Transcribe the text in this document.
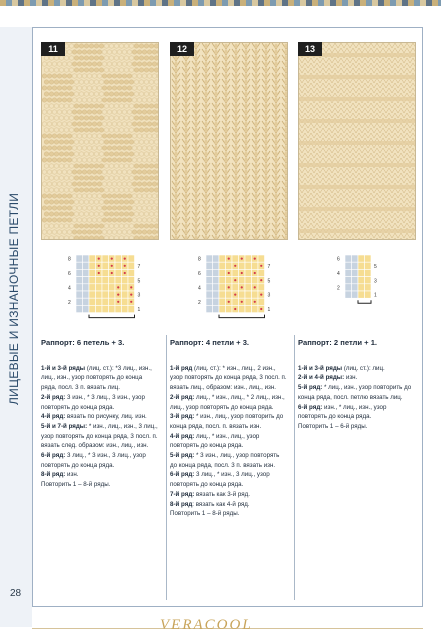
ЛИЦЕВЫЕ И ИЗНАНОЧНЫЕ ПЕТЛИ
11
8
7
6
5
4
3
2
1
12
8
7
6
5
4
3
2
1
13
6
5
4
3
2
1
Раппорт: 6 петель + 3.

1-й и 3-й ряды (лиц. ст.): *3 лиц., изн., лиц., изн., узор повторять до конца ряда, посл. 3 п. вязать лиц.

2-й ряд: 3 изн., * 3 лиц., 3 изн., узор повторять до конца ряда.

4-й ряд: вязать по рисунку, лиц. изн.

5-й и 7-й ряды: * изн., лиц., изн., 3 лиц., узор повторять до конца ряда, 3 посл. п. вязать след. образом: изн., лиц., изн.

6-й ряд: 3 лиц., * 3 изн., 3 лиц., узор повторять до конца ряда.

8-й ряд: изн.

Повторить 1 – 8-й ряды.

Раппорт: 4 петли + 3.

1-й ряд (лиц. ст.): * изн., лиц., 2 изн., узор повторять до конца ряда, 3 посл. п. вязать лиц., образом: изн., лиц., изн.

2-й ряд: лиц., * изн., лиц., * 2 лиц., изн., лиц., узор повторять до конца ряда.

3-й ряд: * изн., лиц., узор повторить до конца ряда, посл. п. вязать изн.

4-й ряд: лиц., * изн., лиц., узор повторять до конца ряда.

5-й ряд: * 3 изн., лиц., узор повторять до конца ряда, посл. 3 п. вязать изн.

6-й ряд: 3 лиц., * изн., 3 лиц., узор повторять до конца ряда.

7-й ряд: вязать как 3-й ряд.

8-й ряд: вязать как 4-й ряд.

Повторить 1 – 8-й ряды.

Раппорт: 2 петли + 1.

1-й и 3-й ряды (лиц. ст.): лиц.

2-й и 4-й ряды: изн.

5-й ряд: * лиц., изн., узор повторить до конца ряда, посл. петлю вязать лиц.

6-й ряд: изн., * лиц., изн., узор повторять до конца ряда.

Повторить 1 – 6-й ряды.

28
VERACOOL
